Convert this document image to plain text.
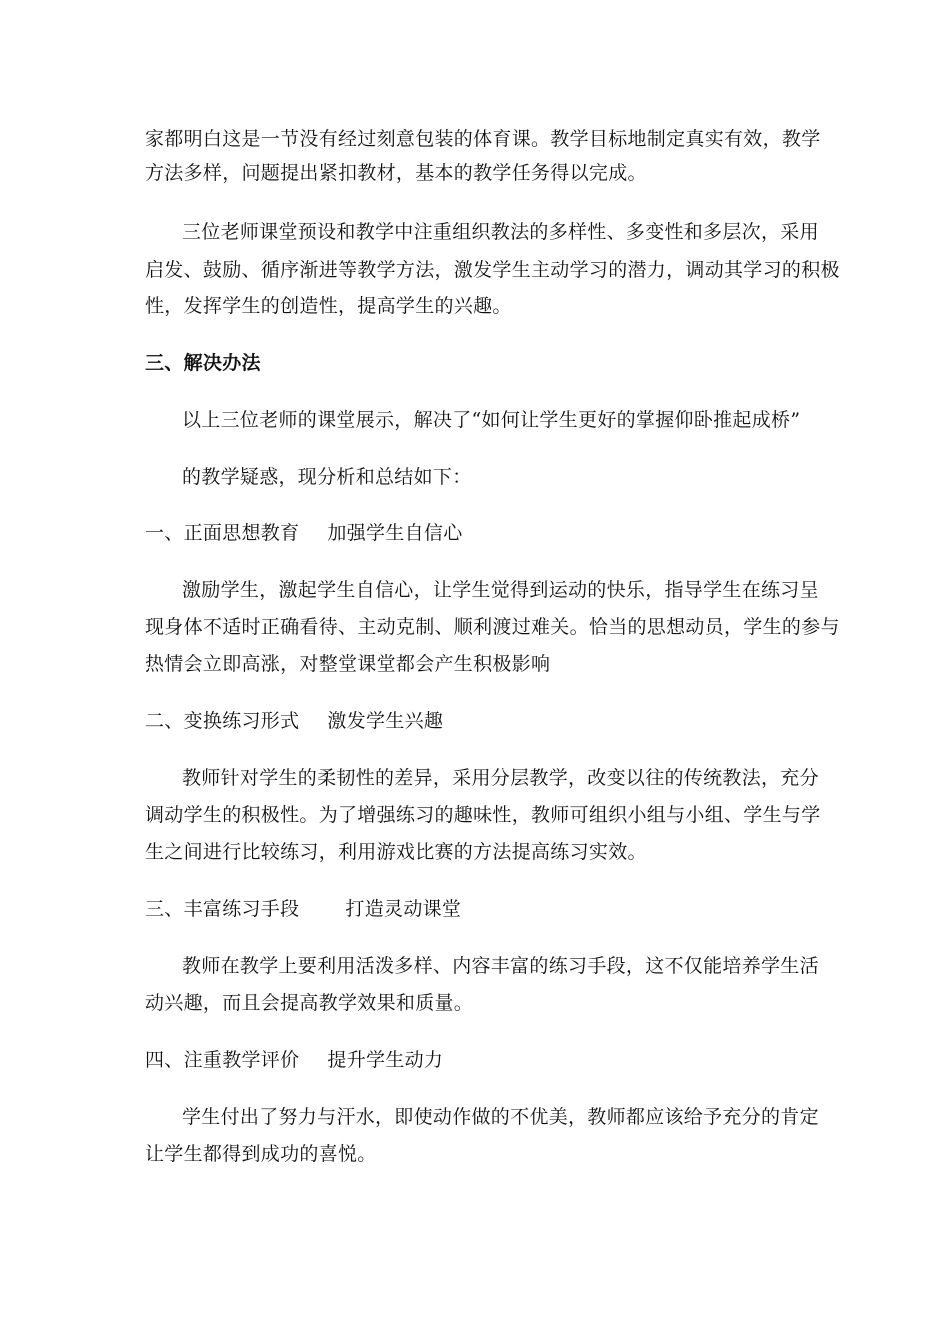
家都明白这是一节没有经过刻意包装的体育课。教学目标地制定真实有效，教学
方法多样，问题提出紧扣教材，基本的教学任务得以完成。
三位老师课堂预设和教学中注重组织教法的多样性、多变性和多层次，采用
启发、鼓励、循序渐进等教学方法，激发学生主动学习的潜力，调动其学习的积极
性，发挥学生的创造性，提高学生的兴趣。
三、解决办法
以上三位老师的课堂展示，解决了“如何让学生更好的掌握仰卧推起成桥”
的教学疑惑，现分析和总结如下：
一、正面思想教育 加强学生自信心
激励学生，激起学生自信心，让学生觉得到运动的快乐，指导学生在练习呈
现身体不适时正确看待、主动克制、顺利渡过难关。恰当的思想动员，学生的参与
热情会立即高涨，对整堂课堂都会产生积极影响
二、变换练习形式 激发学生兴趣
教师针对学生的柔韧性的差异，采用分层教学，改变以往的传统教法，充分
调动学生的积极性。为了增强练习的趣味性，教师可组织小组与小组、学生与学
生之间进行比较练习，利用游戏比赛的方法提高练习实效。
三、丰富练习手段 打造灵动课堂
教师在教学上要利用活泼多样、内容丰富的练习手段，这不仅能培养学生活
动兴趣，而且会提高教学效果和质量。
四、注重教学评价 提升学生动力
学生付出了努力与汗水，即使动作做的不优美，教师都应该给予充分的肯定
让学生都得到成功的喜悦。
